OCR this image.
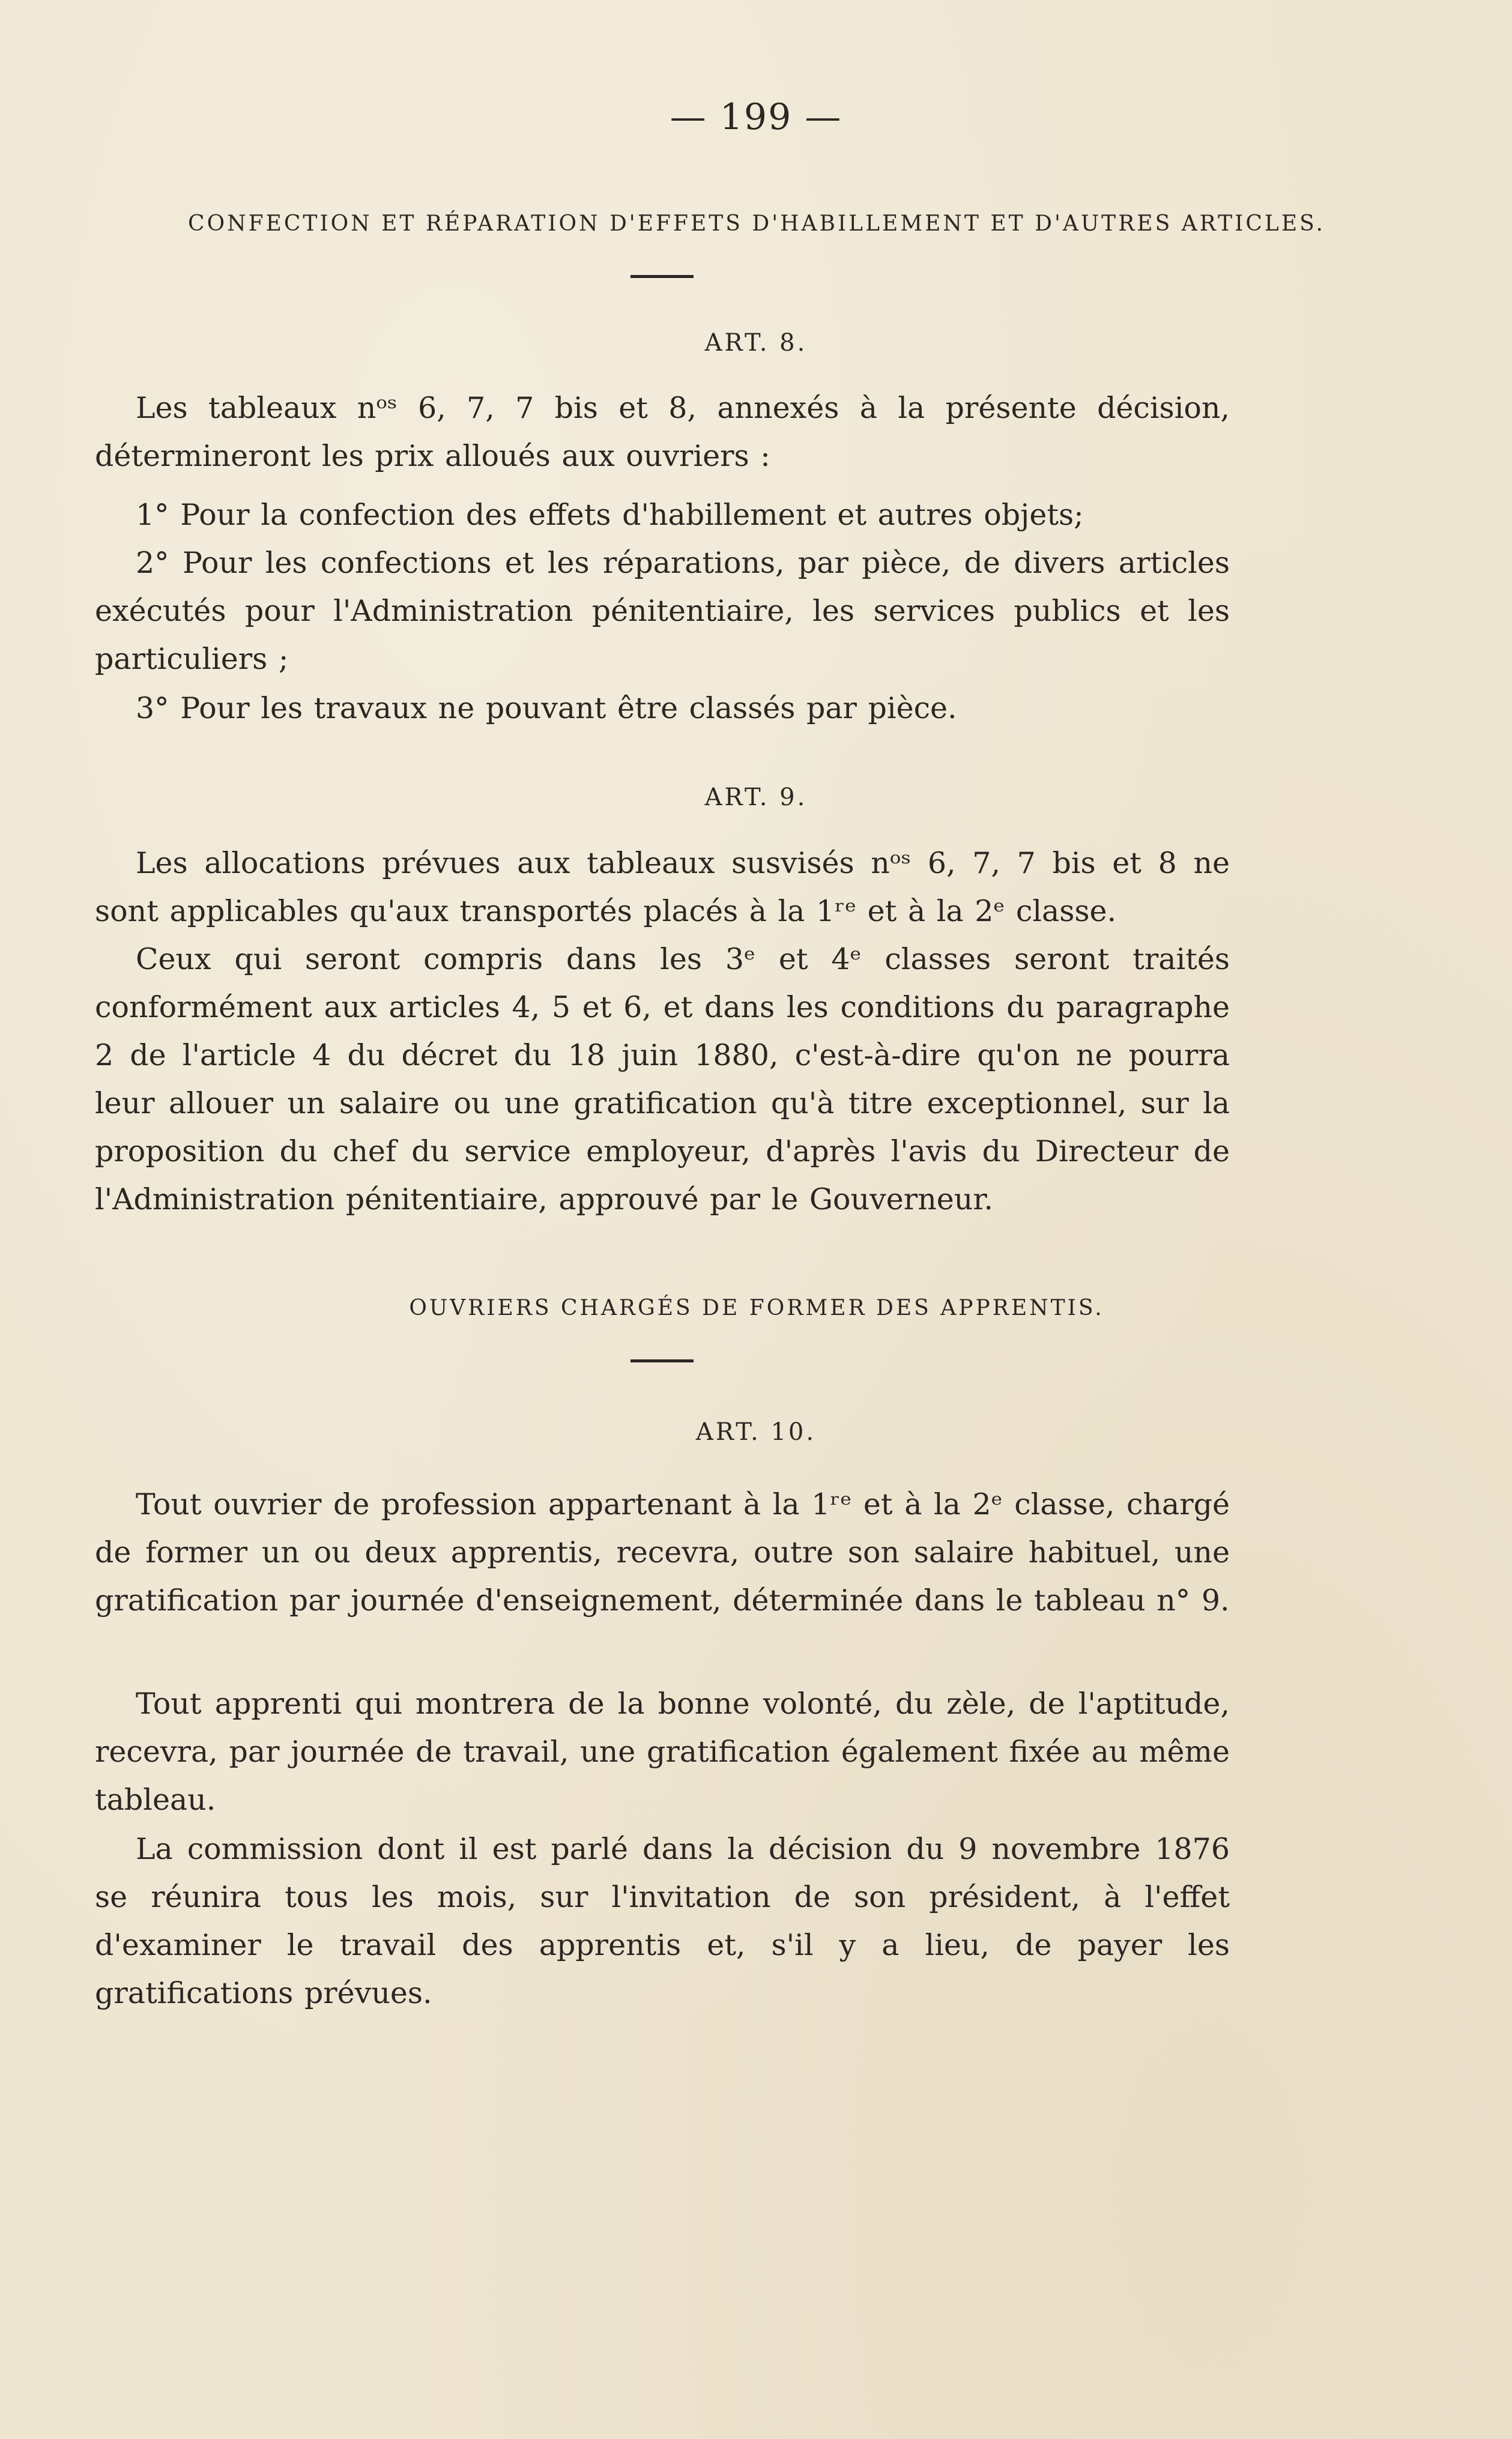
— 199 —
CONFECTION ET RÉPARATION D'EFFETS D'HABILLEMENT ET D'AUTRES ARTICLES.
ART. 8.
Les tableaux nᵒˢ 6, 7, 7 bis et 8, annexés à la présente décision, détermineront les prix alloués aux ouvriers :
1° Pour la confection des effets d'habillement et autres objets;
2° Pour les confections et les réparations, par pièce, de divers articles exécutés pour l'Administration pénitentiaire, les services publics et les particuliers ;
3° Pour les travaux ne pouvant être classés par pièce.
ART. 9.
Les allocations prévues aux tableaux susvisés nᵒˢ 6, 7, 7 bis et 8 ne sont applicables qu'aux transportés placés à la 1ʳᵉ et à la 2ᵉ classe.
Ceux qui seront compris dans les 3ᵉ et 4ᵉ classes seront traités conformément aux articles 4, 5 et 6, et dans les conditions du paragraphe 2 de l'article 4 du décret du 18 juin 1880, c'est-à-dire qu'on ne pourra leur allouer un salaire ou une gratification qu'à titre exceptionnel, sur la proposition du chef du service employeur, d'après l'avis du Directeur de l'Administration pénitentiaire, approuvé par le Gouverneur.
OUVRIERS CHARGÉS DE FORMER DES APPRENTIS.
ART. 10.
Tout ouvrier de profession appartenant à la 1ʳᵉ et à la 2ᵉ classe, chargé de former un ou deux apprentis, recevra, outre son salaire habituel, une gratification par journée d'enseignement, déterminée dans le tableau n° 9.
Tout apprenti qui montrera de la bonne volonté, du zèle, de l'aptitude, recevra, par journée de travail, une gratification également fixée au même tableau.
La commission dont il est parlé dans la décision du 9 novembre 1876 se réunira tous les mois, sur l'invitation de son président, à l'effet d'examiner le travail des apprentis et, s'il y a lieu, de payer les gratifications prévues.
